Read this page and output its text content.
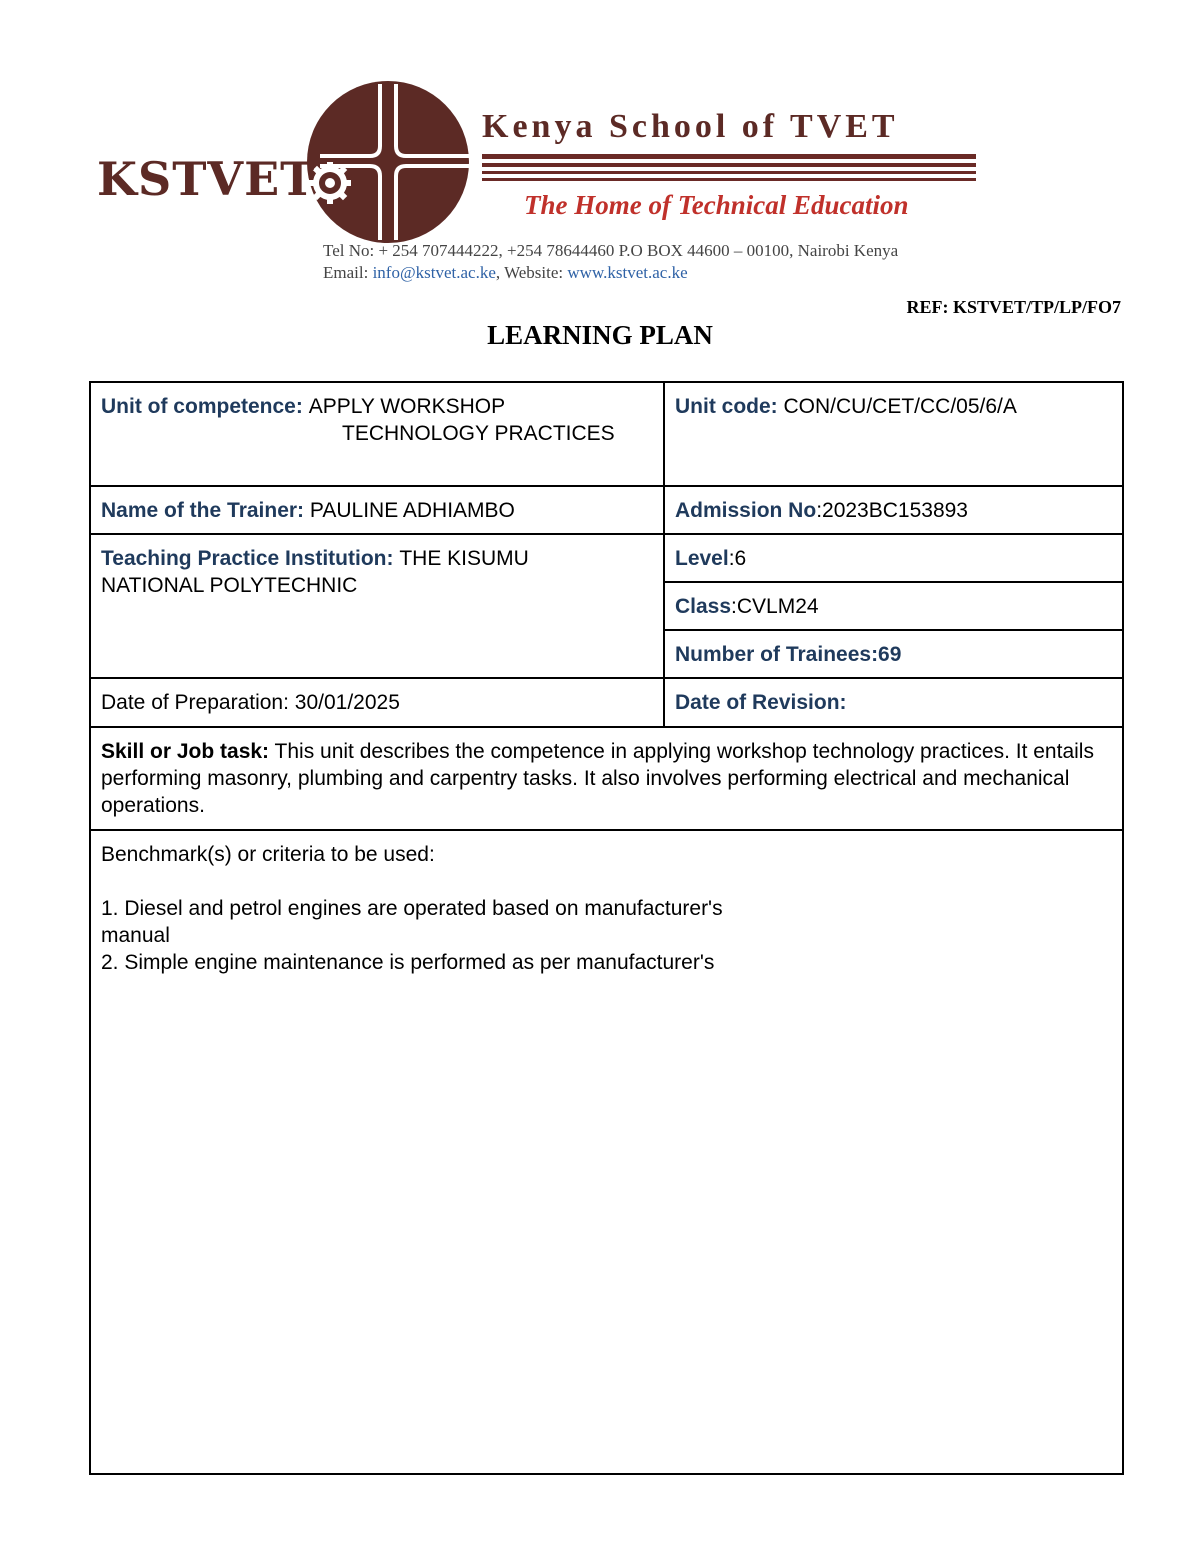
KSTVET
Kenya School of TVET
The Home of Technical Education
Tel No: + 254 707444222, +254 78644460 P.O BOX 44600 – 00100, Nairobi Kenya
Email: info@kstvet.ac.ke, Website: www.kstvet.ac.ke
REF: KSTVET/TP/LP/FO7
LEARNING PLAN
Unit of competence: APPLY WORKSHOP
TECHNOLOGY PRACTICES	Unit code: CON/CU/CET/CC/05/6/A
Name of the Trainer: PAULINE ADHIAMBO	Admission No:2023BC153893
Teaching Practice Institution: THE KISUMU
NATIONAL POLYTECHNIC	Level:6
	Class:CVLM24
	Number of Trainees:69
Date of Preparation: 30/01/2025	Date of Revision:
Skill or Job task: This unit describes the competence in applying workshop technology practices. It entails performing masonry, plumbing and carpentry tasks. It also involves performing electrical and mechanical operations.	

Benchmark(s) or criteria to be used:

1. Diesel and petrol engines are operated based on manufacturer's

manual

2. Simple engine maintenance is performed as per manufacturer's	
